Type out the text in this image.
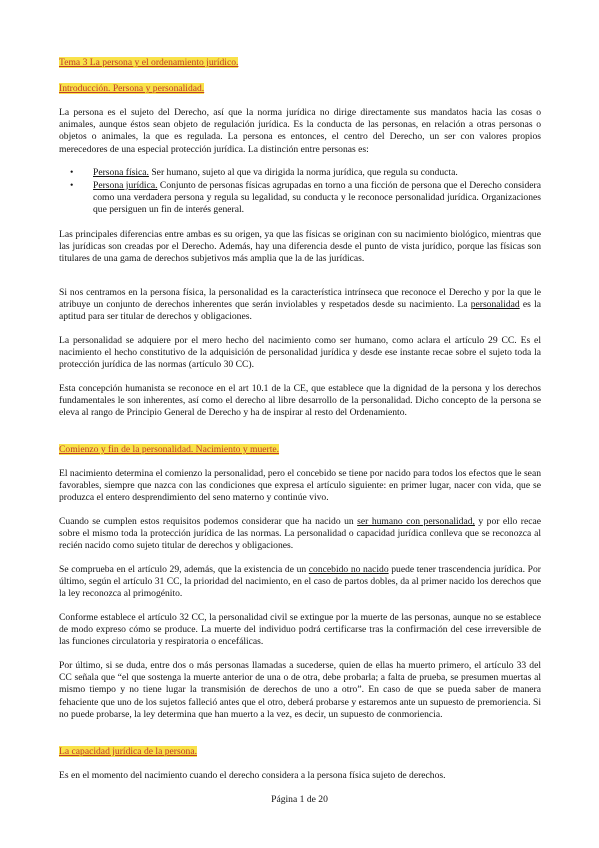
Tema 3 La persona y el ordenamiento jurídico.
Introducción. Persona y personalidad.
La persona es el sujeto del Derecho, así que la norma jurídica no dirige directamente sus mandatos hacia las cosas o animales, aunque éstos sean objeto de regulación jurídica. Es la conducta de las personas, en relación a otras personas o objetos o animales, la que es regulada. La persona es entonces, el centro del Derecho, un ser con valores propios merecedores de una especial protección jurídica. La distinción entre personas es:
• Persona física. Ser humano, sujeto al que va dirigida la norma jurídica, que regula su conducta.
• Persona jurídica. Conjunto de personas físicas agrupadas en torno a una ficción de persona que el Derecho considera como una verdadera persona y regula su legalidad, su conducta y le reconoce personalidad jurídica. Organizaciones que persiguen un fin de interés general.
Las principales diferencias entre ambas es su origen, ya que las físicas se originan con su nacimiento biológico, mientras que las jurídicas son creadas por el Derecho. Además, hay una diferencia desde el punto de vista jurídico, porque las físicas son titulares de una gama de derechos subjetivos más amplia que la de las jurídicas.
Si nos centramos en la persona física, la personalidad es la característica intrínseca que reconoce el Derecho y por la que le atribuye un conjunto de derechos inherentes que serán inviolables y respetados desde su nacimiento. La personalidad es la aptitud para ser titular de derechos y obligaciones.
La personalidad se adquiere por el mero hecho del nacimiento como ser humano, como aclara el artículo 29 CC. Es el nacimiento el hecho constitutivo de la adquisición de personalidad jurídica y desde ese instante recae sobre el sujeto toda la protección jurídica de las normas (artículo 30 CC).
Esta concepción humanista se reconoce en el art 10.1 de la CE, que establece que la dignidad de la persona y los derechos fundamentales le son inherentes, así como el derecho al libre desarrollo de la personalidad. Dicho concepto de la persona se eleva al rango de Principio General de Derecho y ha de inspirar al resto del Ordenamiento.
Comienzo y fin de la personalidad. Nacimiento y muerte.
El nacimiento determina el comienzo la personalidad, pero el concebido se tiene por nacido para todos los efectos que le sean favorables, siempre que nazca con las condiciones que expresa el artículo siguiente: en primer lugar, nacer con vida, que se produzca el entero desprendimiento del seno materno y continúe vivo.
Cuando se cumplen estos requisitos podemos considerar que ha nacido un ser humano con personalidad, y por ello recae sobre el mismo toda la protección jurídica de las normas. La personalidad o capacidad jurídica conlleva que se reconozca al recién nacido como sujeto titular de derechos y obligaciones.
Se comprueba en el artículo 29, además, que la existencia de un concebido no nacido puede tener trascendencia jurídica. Por último, según el artículo 31 CC, la prioridad del nacimiento, en el caso de partos dobles, da al primer nacido los derechos que la ley reconozca al primogénito.
Conforme establece el artículo 32 CC, la personalidad civil se extingue por la muerte de las personas, aunque no se establece de modo expreso cómo se produce. La muerte del individuo podrá certificarse tras la confirmación del cese irreversible de las funciones circulatoria y respiratoria o encefálicas.
Por último, si se duda, entre dos o más personas llamadas a sucederse, quien de ellas ha muerto primero, el artículo 33 del CC señala que “el que sostenga la muerte anterior de una o de otra, debe probarla; a falta de prueba, se presumen muertas al mismo tiempo y no tiene lugar la transmisión de derechos de uno a otro”. En caso de que se pueda saber de manera fehaciente que uno de los sujetos falleció antes que el otro, deberá probarse y estaremos ante un supuesto de premoriencia. Si no puede probarse, la ley determina que han muerto a la vez, es decir, un supuesto de conmoriencia.
La capacidad jurídica de la persona.
Es en el momento del nacimiento cuando el derecho considera a la persona física sujeto de derechos.
Página 1 de 20
